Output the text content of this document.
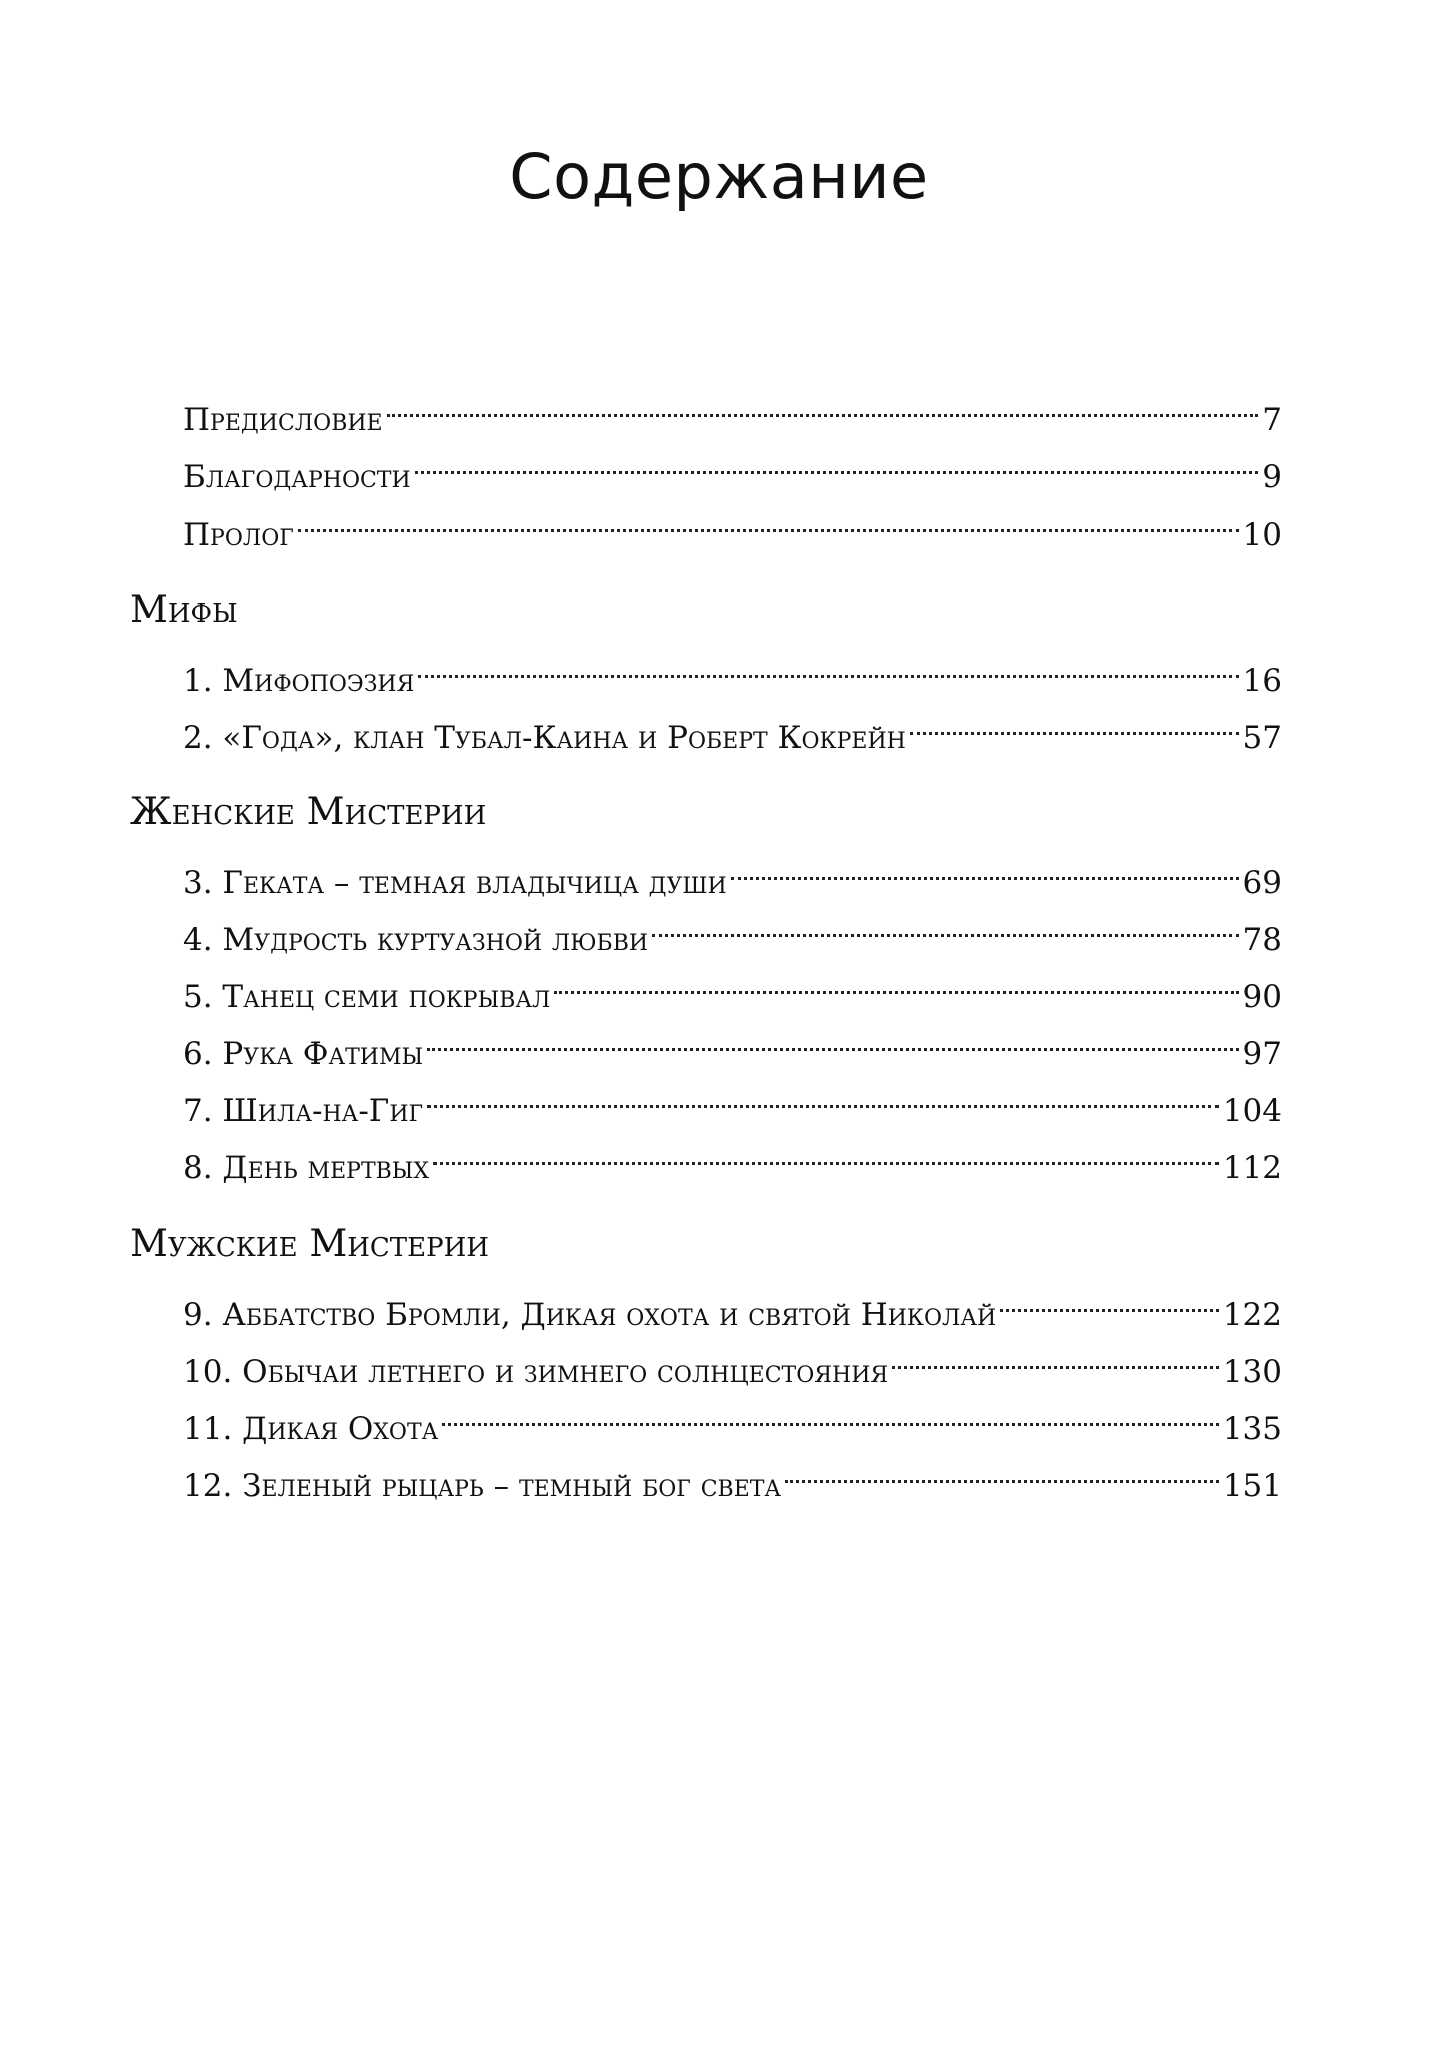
Содержание
Предисловие	7
Благодарности	9
Пролог	10
Мифы
1. Мифопоэзия	16
2. «Года», клан Тубал-Каина и Роберт Кокрейн	57
Женские Мистерии
3. Геката – темная владычица души	69
4. Мудрость куртуазной любви	78
5. Танец семи покрывал	90
6. Рука Фатимы	97
7. Шила-на-Гиг	104
8. День мертвых	112
Мужские Мистерии
9. Аббатство Бромли, Дикая охота и святой Николай	122
10. Обычаи летнего и зимнего солнцестояния	130
11. Дикая Охота	135
12. Зеленый рыцарь – темный бог света	151
